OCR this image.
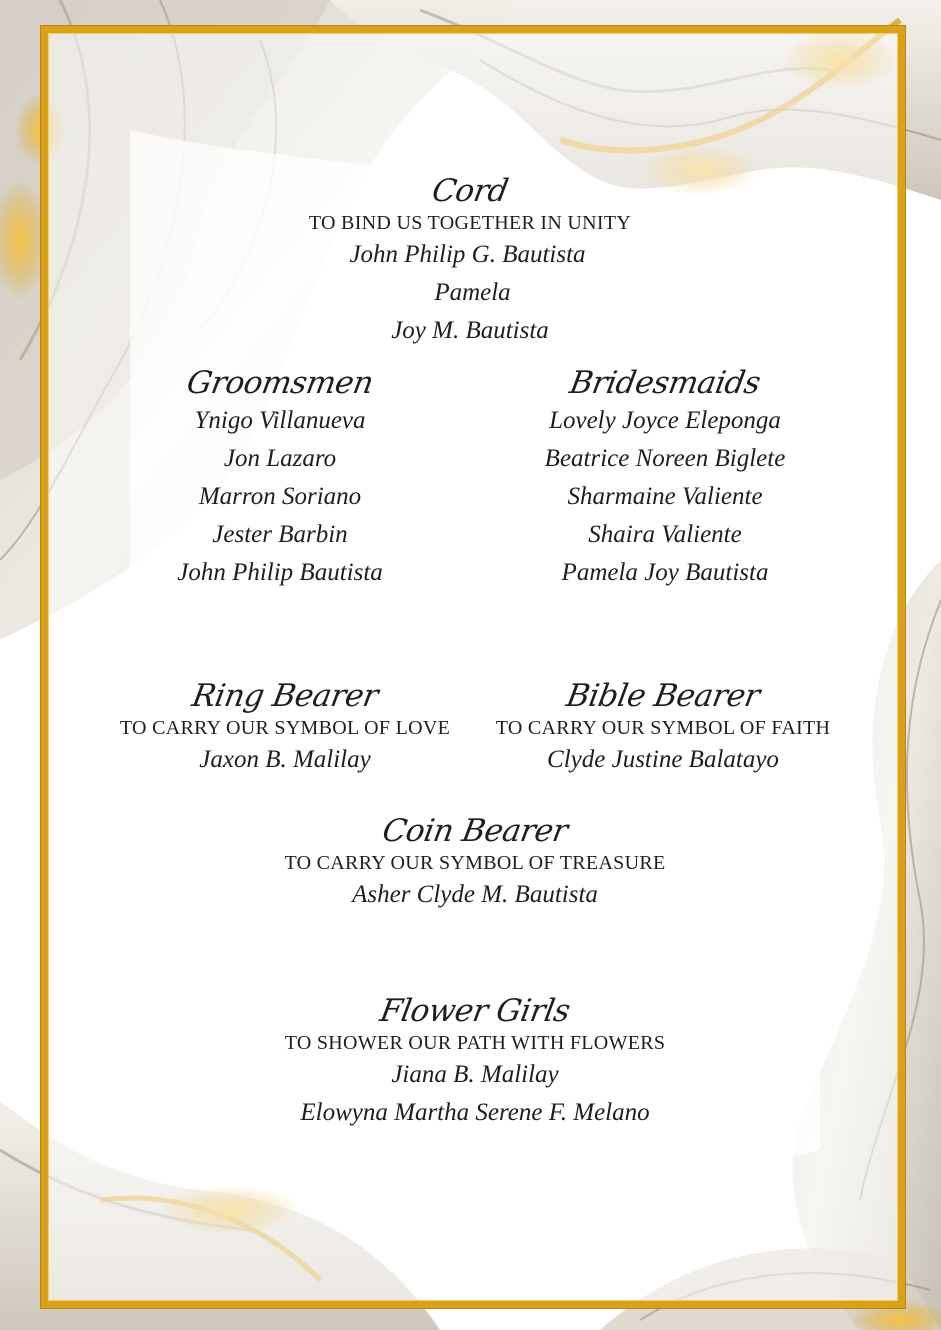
Cord
TO BIND US TOGETHER IN UNITY
John Philip G. Bautista
Pamela
Joy M. Bautista
Groomsmen
Ynigo Villanueva
Jon Lazaro
Marron Soriano
Jester Barbin
John Philip Bautista
Bridesmaids
Lovely Joyce Eleponga
Beatrice Noreen Biglete
Sharmaine Valiente
Shaira Valiente
Pamela Joy Bautista
Ring Bearer
TO CARRY OUR SYMBOL OF LOVE
Jaxon B. Malilay
Bible Bearer
TO CARRY OUR SYMBOL OF FAITH
Clyde Justine Balatayo
Coin Bearer
TO CARRY OUR SYMBOL OF TREASURE
Asher Clyde M. Bautista
Flower Girls
TO SHOWER OUR PATH WITH FLOWERS
Jiana B. Malilay
Elowyna Martha Serene F. Melano
